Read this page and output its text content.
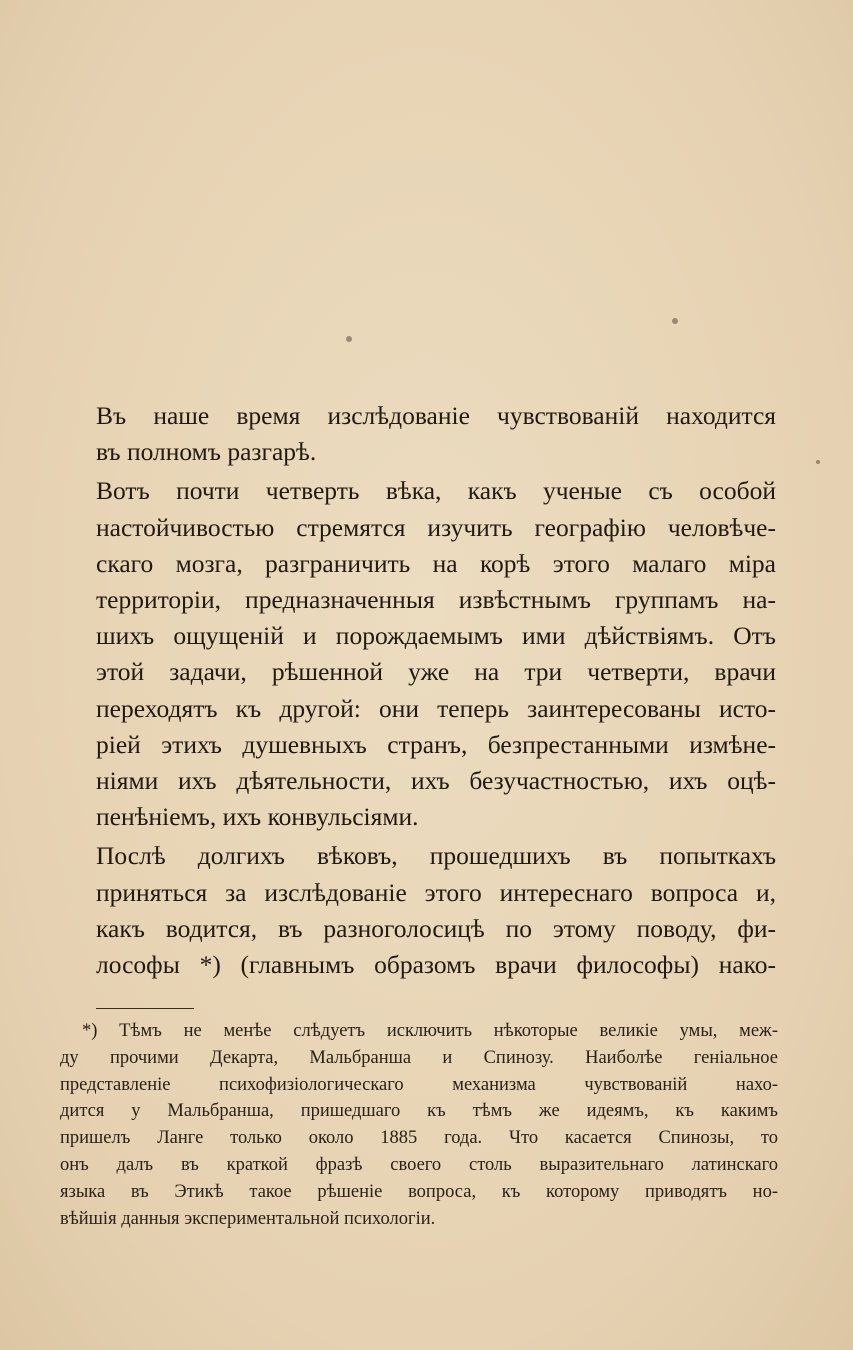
Въ наше время изслѣдованіе чувствованій находится
въ полномъ разгарѣ.

Вотъ почти четверть вѣка, какъ ученые съ особой
настойчивостью стремятся изучить географію человѣче-
скаго мозга, разграничить на корѣ этого малаго міра
территоріи, предназначенныя извѣстнымъ группамъ на-
шихъ ощущеній и порождаемымъ ими дѣйствіямъ. Отъ
этой задачи, рѣшенной уже на три четверти, врачи
переходятъ къ другой: они теперь заинтересованы исто-
ріей этихъ душевныхъ странъ, безпрестанными измѣне-
ніями ихъ дѣятельности, ихъ безучастностью, ихъ оцѣ-
пенѣніемъ, ихъ конвульсіями.

Послѣ долгихъ вѣковъ, прошедшихъ въ попыткахъ
приняться за изслѣдованіе этого интереснаго вопроса и,
какъ водится, въ разноголосицѣ по этому поводу, фи-
лософы *) (главнымъ образомъ врачи философы) нако-

*) Тѣмъ не менѣе слѣдуетъ исключить нѣкоторые великіе умы, меж-
ду прочими Декарта, Мальбранша и Спинозу. Наиболѣе геніальное
представленіе психофизіологическаго механизма чувствованій нахо-
дится у Мальбранша, пришедшаго къ тѣмъ же идеямъ, къ какимъ
пришелъ Ланге только около 1885 года. Что касается Спинозы, то
онъ далъ въ краткой фразѣ своего столь выразительнаго латинскаго
языка въ Этикѣ такое рѣшеніе вопроса, къ которому приводятъ но-
вѣйшія данныя экспериментальной психологіи.
